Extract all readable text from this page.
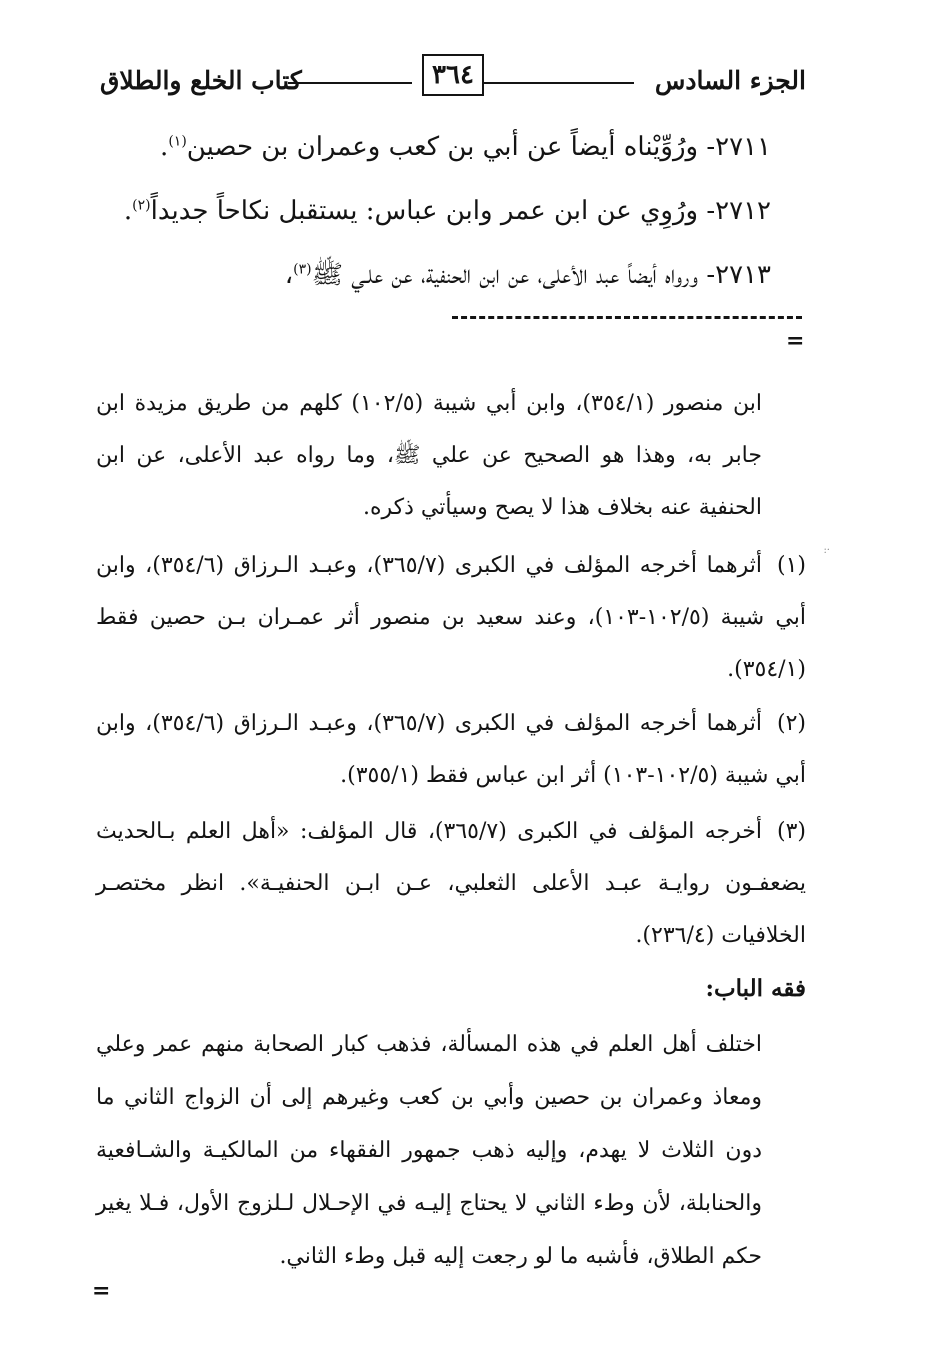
كتاب الخلع والطلاق	٣٦٤	الجزء السادس

٢٧١١- ورُوِّيْناه أيضاً عن أبي بن كعب وعمران بن حصين$^{(١)}$.

٢٧١٢- ورُوِي عن ابن عمر وابن عباس: يستقبل نكاحاً جديداً$^{(٢)}$.

٢٧١٣- ورواه أيضاً عبد الأعلى، عن ابن الحنفية، عن علـي ﷺ$^{(٣)}$،

=

ابن منصور (٣٥٤/١)، وابن أبي شيبة (١٠٢/٥) كلهم من طريق مزيدة ابن جابر به، وهذا هو الصحيح عن علي ﷺ، وما رواه عبد الأعلى، عن ابن الحنفية عنه بخلاف هذا لا يصح وسيأتي ذكره.

·:

(١)أثرهما أخرجه المؤلف في الكبرى (٣٦٥/٧)، وعبـد الـرزاق (٣٥٤/٦)، وابن أبي شيبة (١٠٢/٥-١٠٣)، وعند سعيد بن منصور أثر عمـران بـن حصين فقط (٣٥٤/١).

(٢)أثرهما أخرجه المؤلف في الكبرى (٣٦٥/٧)، وعبـد الـرزاق (٣٥٤/٦)، وابن أبي شيبة (١٠٢/٥-١٠٣) أثر ابن عباس فقط (٣٥٥/١).

(٣)أخرجه المؤلف في الكبرى (٣٦٥/٧)، قال المؤلف: «أهل العلم بـالحديث يضعفـون روايـة عبـد الأعلى الثعلبي، عـن ابـن الحنفيـة». انظر مختصـر الخلافيات (٢٣٦/٤).

فقه الباب:

اختلف أهل العلم في هذه المسألة، فذهب كبار الصحابة منهم عمر وعلي ومعاذ وعمران بن حصين وأبي بن كعب وغيرهم إلى أن الزواج الثاني ما دون الثلاث لا يهدم، وإليه ذهب جمهور الفقهاء من المالكيـة والشـافعية والحنابلة، لأن وطء الثاني لا يحتاج إليـه في الإحـلال لـلزوج الأول، فـلا يغير حكم الطلاق، فأشبه ما لو رجعت إليه قبل وطء الثاني.

=
